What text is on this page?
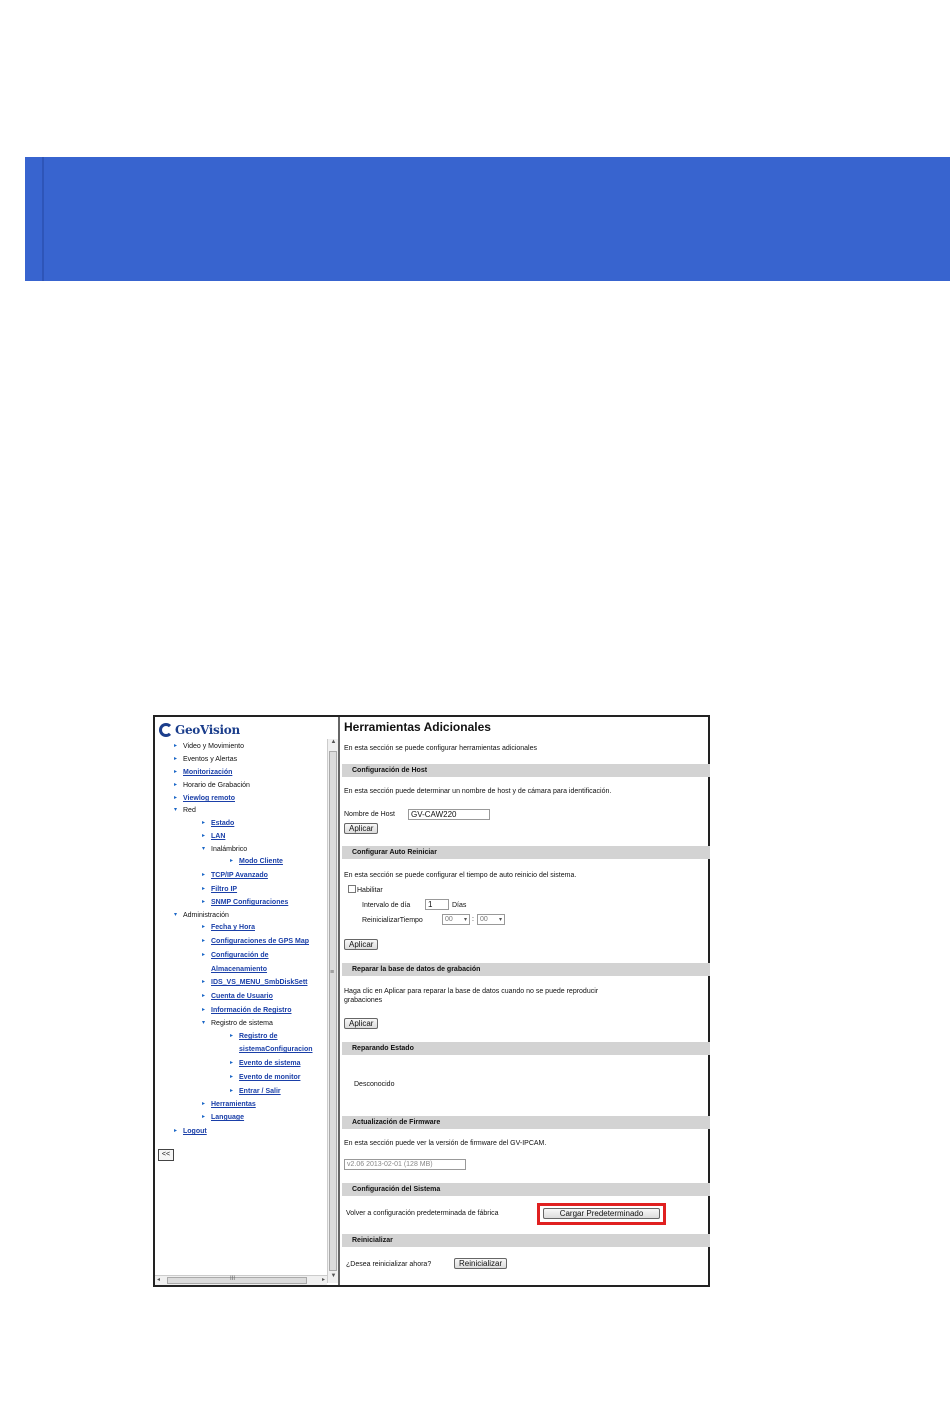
GeoVision
▸ Video y Movimiento
▸ Eventos y Alertas
▸ Monitorización
▸ Horario de Grabación
▸ Viewlog remoto
▾ Red
▸ Estado
▸ LAN
▾ Inalámbrico
▸ Modo Cliente
▸ TCP/IP Avanzado
▸ Filtro IP
▸ SNMP Configuraciones
▾ Administración
▸ Fecha y Hora
▸ Configuraciones de GPS Map
▸ Configuración de
Almacenamiento
▸ IDS_VS_MENU_SmbDiskSett
▸ Cuenta de Usuario
▸ Información de Registro
▾ Registro de sistema
▸ Registro de
sistemaConfiguracion
▸ Evento de sistema
▸ Evento de monitor
▸ Entrar / Salir
▸ Herramientas
▸ Language
▸ Logout
<<
▲
≡
▼
◂	III	▸
Herramientas Adicionales
En esta sección se puede configurar herramientas adicionales
Configuración de Host
En esta sección puede determinar un nombre de host y de cámara para identificación.
Nombre de Host	GV-CAW220
Aplicar
Configurar Auto Reiniciar
En esta sección se puede configurar el tiempo de auto reinicio del sistema.
Habilitar
Intervalo de día	1	Días
ReinicializarTiempo	00 ▾ : 00 ▾
Aplicar
Reparar la base de datos de grabación
Haga clic en Aplicar para reparar la base de datos cuando no se puede reproducir
grabaciones
Aplicar
Reparando Estado
Desconocido
Actualización de Firmware
En esta sección puede ver la versión de firmware del GV-IPCAM.
v2.06 2013-02-01 (128 MB)
Configuración del Sistema
Volver a configuración predeterminada de fábrica	Cargar Predeterminado
Reinicializar
¿Desea reinicializar ahora?	Reinicializar
